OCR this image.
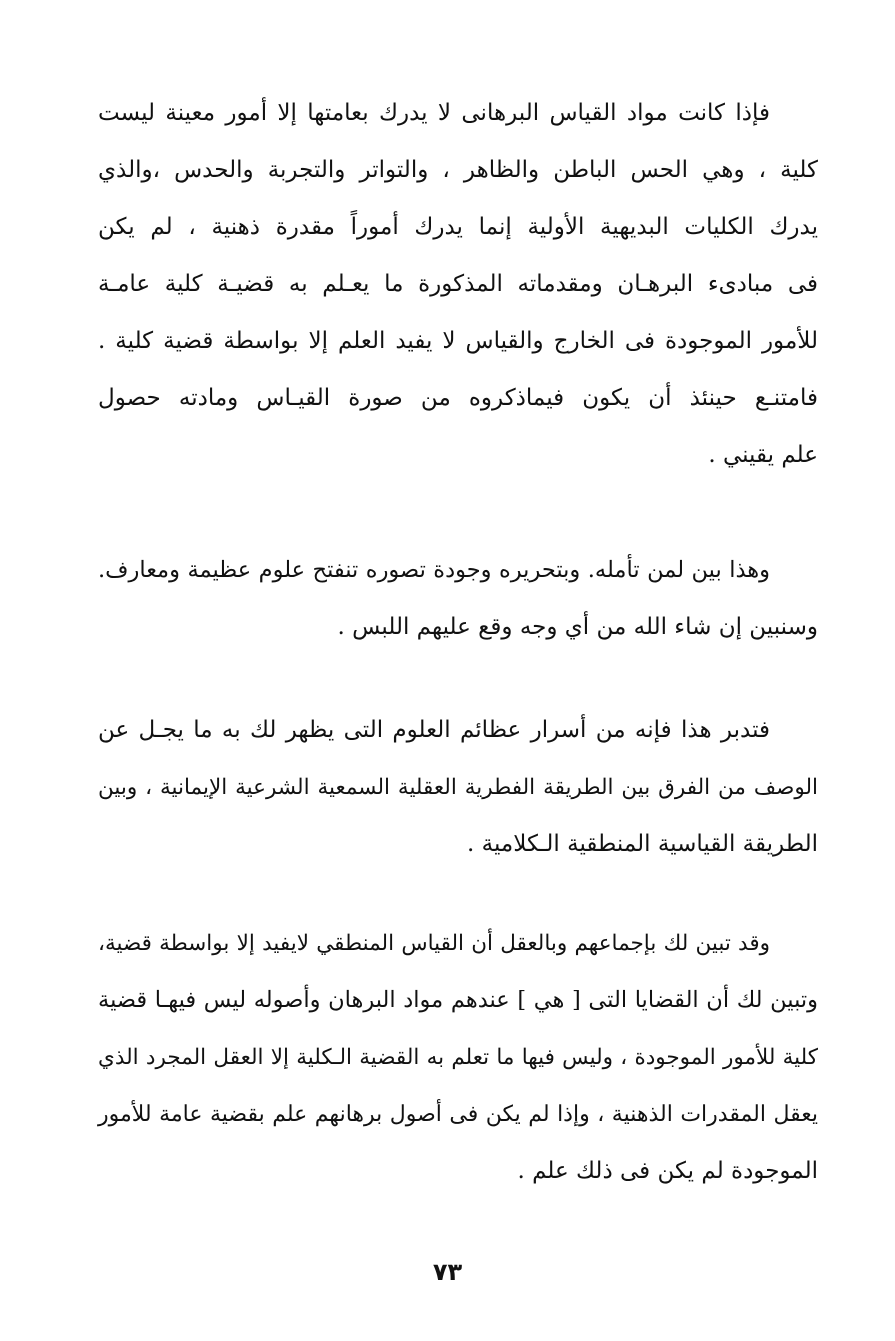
فإذا كانت مواد القياس البرهانى لا يدرك بعامتها إلا أمور معينة ليست
كلية ، وهي الحس الباطن والظاهر ، والتواتر والتجربة والحدس ،والذي
يدرك الكليات البديهية الأولية إنما يدرك أموراً مقدرة ذهنية ، لم يكن
فى مبادىء البرهـان ومقدماته المذكورة ما يعـلم به قضيـة كلية عامـة
للأمور الموجودة فى الخارج والقياس لا يفيد العلم إلا بواسطة قضية كلية .
فامتنـع حينئذ أن يكون فيماذكروه من صورة القيـاس ومادته حصول
علم يقيني .
وهذا بين لمن تأمله. وبتحريره وجودة تصوره تنفتح علوم عظيمة ومعارف.
وسنبين إن شاء الله من أي وجه وقع عليهم اللبس .
فتدبر هذا فإنه من أسرار عظائم العلوم التى يظهر لك به ما يجـل عن
الوصف من الفرق بين الطريقة الفطرية العقلية السمعية الشرعية الإيمانية ، وبين
الطريقة القياسية المنطقية الـكلامية .
وقد تبين لك بإجماعهم وبالعقل أن القياس المنطقي لايفيد إلا بواسطة قضية،
وتبين لك أن القضايا التى [ هي ] عندهم مواد البرهان وأصوله ليس فيهـا قضية
كلية للأمور الموجودة ، وليس فيها ما تعلم به القضية الـكلية إلا العقل المجرد الذي
يعقل المقدرات الذهنية ، وإذا لم يكن فى أصول برهانهم علم بقضية عامة للأمور
الموجودة لم يكن فى ذلك علم .
٧٣
